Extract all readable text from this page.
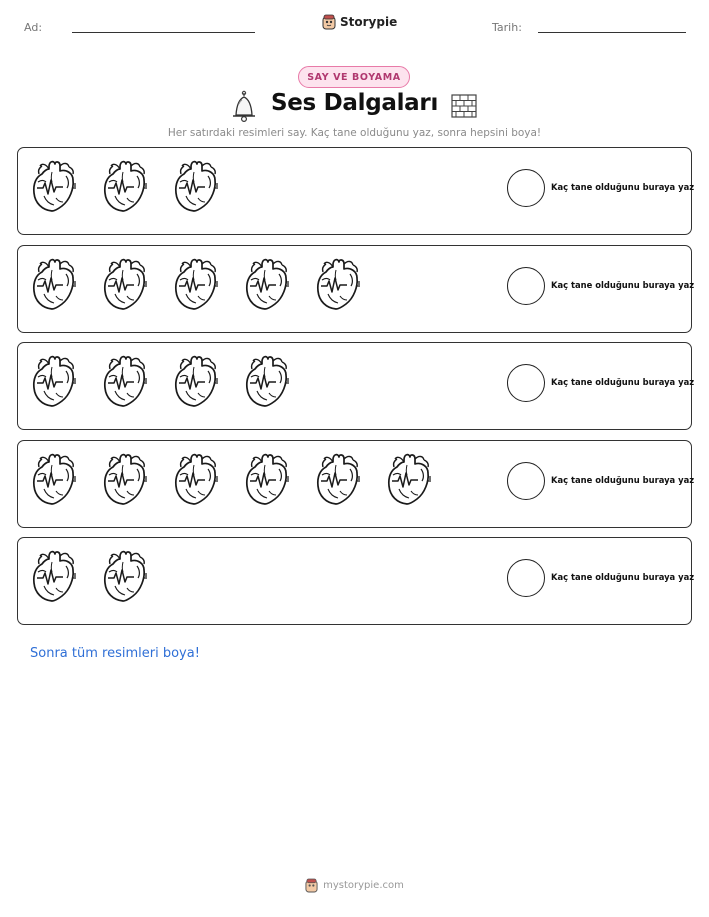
Ad:	Storypie	Tarih:
SAY VE BOYAMA
Ses Dalgaları
Her satırdaki resimleri say. Kaç tane olduğunu yaz, sonra hepsini boya!
Kaç tane olduğunu buraya yaz
Kaç tane olduğunu buraya yaz
Kaç tane olduğunu buraya yaz
Kaç tane olduğunu buraya yaz
Kaç tane olduğunu buraya yaz
Sonra tüm resimleri boya!
mystorypie.com
